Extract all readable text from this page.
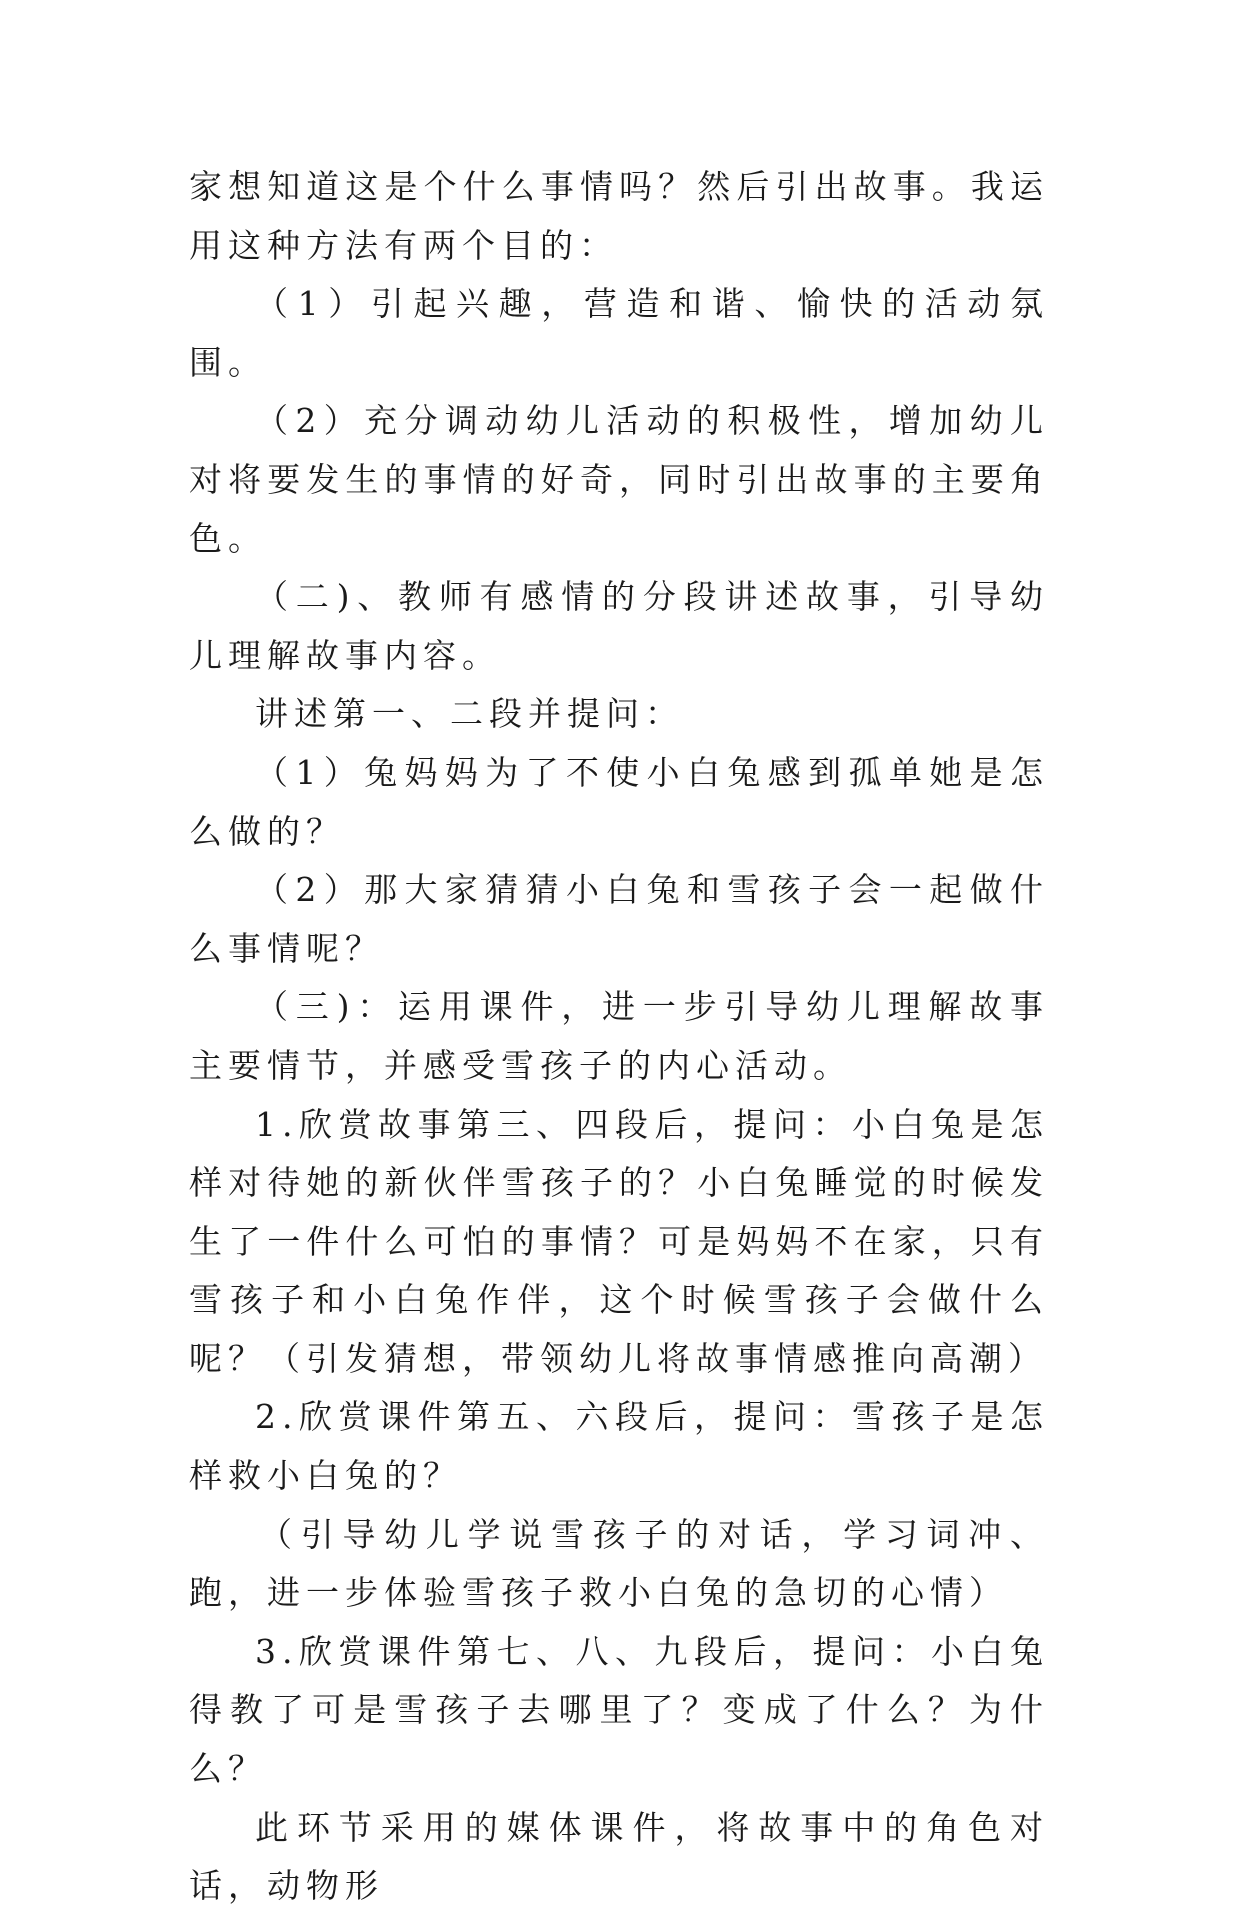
家想知道这是个什么事情吗？然后引出故事。我运用这种方法有两个目的：

（1）引起兴趣，营造和谐、愉快的活动氛围。

（2）充分调动幼儿活动的积极性，增加幼儿对将要发生的事情的好奇，同时引出故事的主要角色。

（二)、教师有感情的分段讲述故事，引导幼儿理解故事内容。

讲述第一、二段并提问：

（1）兔妈妈为了不使小白兔感到孤单她是怎么做的？

（2）那大家猜猜小白兔和雪孩子会一起做什么事情呢？

（三)：运用课件，进一步引导幼儿理解故事主要情节，并感受雪孩子的内心活动。

1.欣赏故事第三、四段后，提问：小白兔是怎样对待她的新伙伴雪孩子的？小白兔睡觉的时候发生了一件什么可怕的事情？可是妈妈不在家，只有雪孩子和小白兔作伴，这个时候雪孩子会做什么呢？（引发猜想，带领幼儿将故事情感推向高潮）

2.欣赏课件第五、六段后，提问：雪孩子是怎样救小白兔的？

（引导幼儿学说雪孩子的对话，学习词冲、跑，进一步体验雪孩子救小白兔的急切的心情）

3.欣赏课件第七、八、九段后，提问：小白兔得教了可是雪孩子去哪里了？变成了什么？为什么？

此环节采用的媒体课件，将故事中的角色对话，动物形
